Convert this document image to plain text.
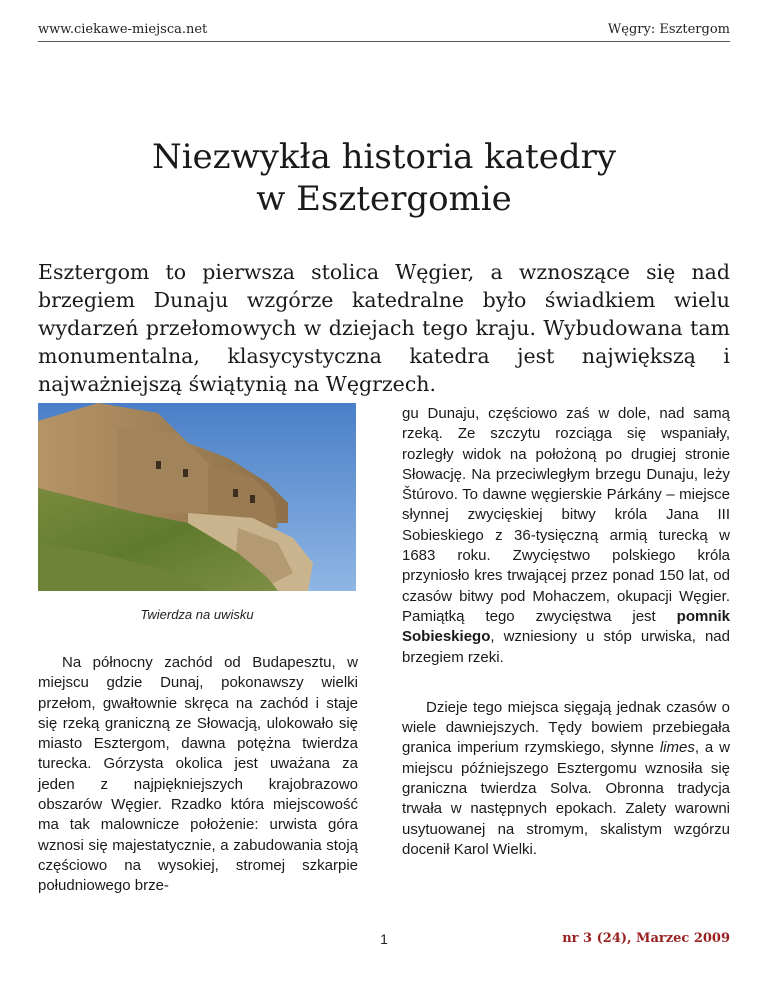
www.ciekawe-miejsca.net	Węgry: Esztergom
Niezwykła historia katedry
w Esztergomie

Esztergom to pierwsza stolica Węgier, a wznoszące się nad brzegiem Dunaju wzgórze katedralne było świadkiem wielu wydarzeń przełomowych w dziejach tego kraju. Wybudowana tam monumentalna, klasycystyczna katedra jest największą i najważniejszą świątynią na Węgrzech.

Twierdza na uwisku

Na północny zachód od Budapesztu, w miejscu gdzie Dunaj, pokonawszy wielki przełom, gwałtownie skręca na zachód i staje się rzeką graniczną ze Słowacją, ulokowało się miasto Esztergom, dawna potężna twierdza turecka. Górzysta okolica jest uważana za jeden z najpiękniejszych krajobrazowo obszarów Węgier. Rzadko która miejscowość ma tak malownicze położenie: urwista góra wznosi się majestatycznie, a zabudowania stoją częściowo na wysokiej, stromej szkarpie południowego brze-

gu Dunaju, częściowo zaś w dole, nad samą rzeką. Ze szczytu rozciąga się wspaniały, rozległy widok na położoną po drugiej stronie Słowację. Na przeciwległym brzegu Dunaju, leży Štúrovo. To dawne węgierskie Párkány – miejsce słynnej zwycięskiej bitwy króla Jana III Sobieskiego z 36-tysięczną armią turecką w 1683 roku. Zwycięstwo polskiego króla przyniosło kres trwającej przez ponad 150 lat, od czasów bitwy pod Mohaczem, okupacji Węgier. Pamiątką tego zwycięstwa jest pomnik Sobieskiego, wzniesiony u stóp urwiska, nad brzegiem rzeki.

Dzieje tego miejsca sięgają jednak czasów o wiele dawniejszych. Tędy bowiem przebiegała granica imperium rzymskiego, słynne limes, a w miejscu późniejszego Esztergomu wznosiła się graniczna twierdza Solva. Obronna tradycja trwała w następnych epokach. Zalety warowni usytuowanej na stromym, skalistym wzgórzu docenił Karol Wielki.

1	nr 3 (24), Marzec 2009
